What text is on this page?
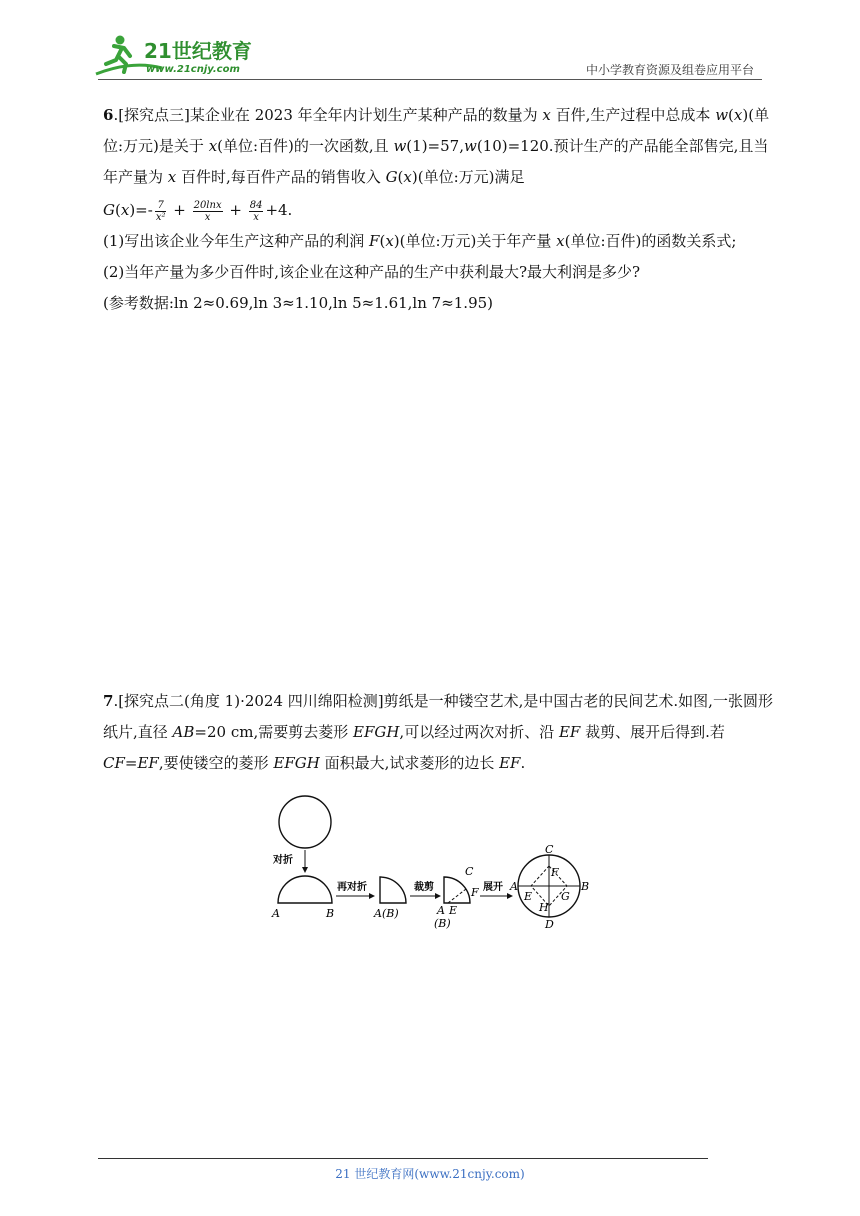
21世纪教育
www.21cnjy.com	中小学教育资源及组卷应用平台

6.[探究点三]某企业在 2023 年全年内计划生产某种产品的数量为 x 百件,生产过程中总成本 w(x)(单位:万元)是关于 x(单位:百件)的一次函数,且 w(1)=57,w(10)=120.预计生产的产品能全部售完,且当年产量为 x 百件时,每百件产品的销售收入 G(x)(单位:万元)满足

$G(x)=- \frac{7}{\text{x²}} + \frac{20\ln x}{x} + \frac{84}{x} +4$.

(1)写出该企业今年生产这种产品的利润 F(x)(单位:万元)关于年产量 x(单位:百件)的函数关系式;

(2)当年产量为多少百件时,该企业在这种产品的生产中获利最大?最大利润是多少?

(参考数据:ln 2≈0.69,ln 3≈1.10,ln 5≈1.61,ln 7≈1.95)

7.[探究点二(角度 1)·2024 四川绵阳检测]剪纸是一种镂空艺术,是中国古老的民间艺术.如图,一张圆形纸片,直径 AB=20 cm,需要剪去菱形 EFGH,可以经过两次对折、沿 EF 裁剪、展开后得到.若 CF=EF,要使镂空的菱形 EFGH 面积最大,试求菱形的边长 EF.

对折
A	B
再对折
A(B)
裁剪
C
F
A E
(B)
展开
C
D
A	B
F
E	G
H
21 世纪教育网(www.21cnjy.com)
